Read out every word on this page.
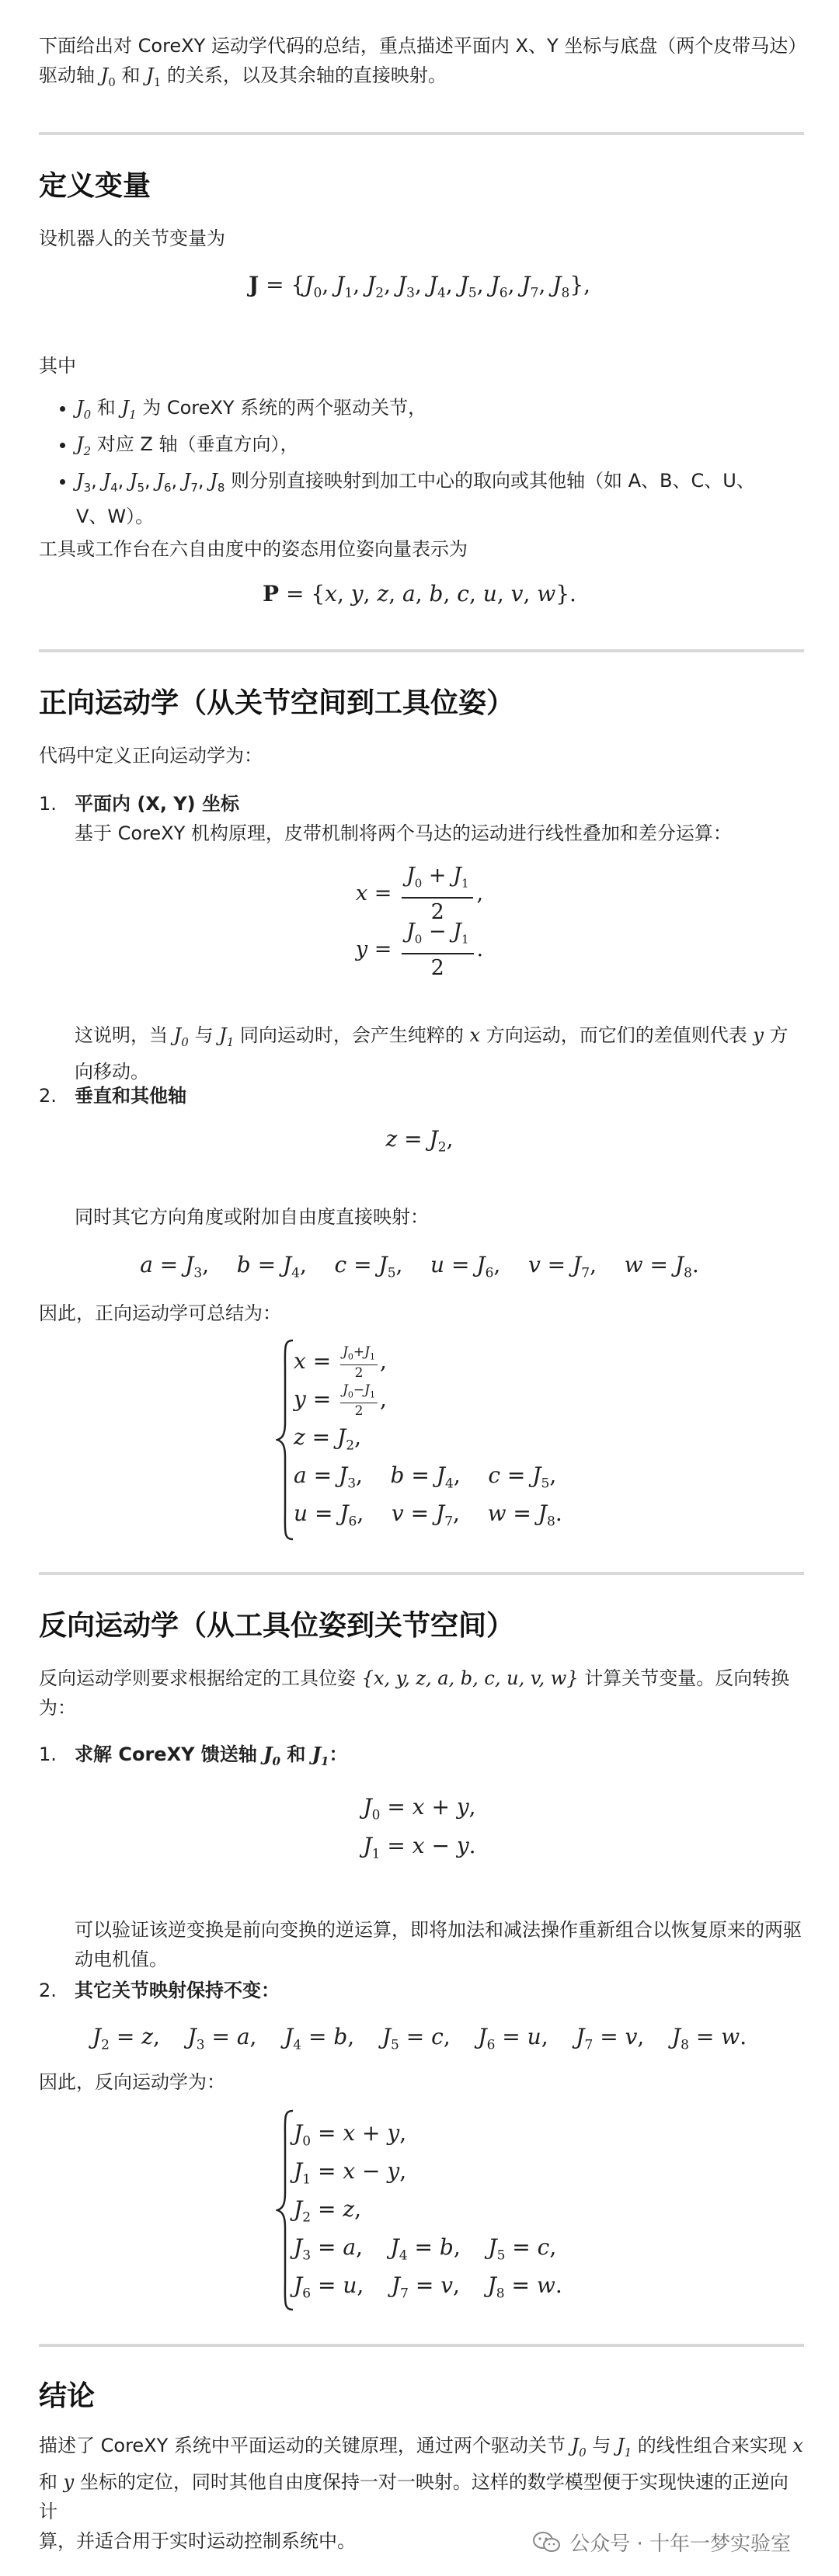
下面给出对 CoreXY 运动学代码的总结，重点描述平面内 X、Y 坐标与底盘（两个皮带马达）

驱动轴 $J_0$ 和 $J_1$ 的关系，以及其余轴的直接映射。

定义变量

设机器人的关节变量为

$J = \{J_0$, $J_1$, $J_2$, $J_3$, $J_4$, $J_5$, $J_6$, $J_7$, $J_8$},

其中

• $J_0$ 和 $J_1$ 为 CoreXY 系统的两个驱动关节，
• $J_2$ 对应 Z 轴（垂直方向），
• $J_3$, $J_4$, $J_5$, $J_6$, $J_7$, $J_8$ 则分别直接映射到加工中心的取向或其他轴（如 A、B、C、U、
V、W）。

工具或工作台在六自由度中的姿态用位姿向量表示为

P = {x, y, z, a, b, c, u, v, w}.
正向运动学（从关节空间到工具位姿）

代码中定义正向运动学为：

1. 平面内 (X, Y) 坐标

基于 CoreXY 机构原理，皮带机制将两个马达的运动进行线性叠加和差分运算：

$x = \frac{J_0 + J_1}{2}$ ,
$y = \frac{J_0 - J_1}{2}$ .

这说明，当 $J_0$ 与 $J_1$ 同向运动时，会产生纯粹的 x 方向运动，而它们的差值则代表 y 方

向移动。

2. 垂直和其他轴

$z = J_2$,

同时其它方向角度或附加自由度直接映射：

$a = J_3$,    $b = J_4$,    $c = J_5$,    $u = J_6$,    $v = J_7$,    $w = J_8$.

因此，正向运动学可总结为：

$x = \frac{J_0+J_1}{2}$ ,
$y = \frac{J_0-J_1}{2}$ ,
$z = J_2$,
$a = J_3$,    $b = J_4$,    $c = J_5$,
$u = J_6$,    $v = J_7$,    $w = J_8$.
反向运动学（从工具位姿到关节空间）

反向运动学则要求根据给定的工具位姿 {x, y, z, a, b, c, u, v, w} 计算关节变量。反向转换

为：

1. 求解 CoreXY 馈送轴 $J_0$ 和 $J_1$：

$J_0 = x + y$,
$J_1 = x - y$.

可以验证该逆变换是前向变换的逆运算，即将加法和减法操作重新组合以恢复原来的两驱

动电机值。

2. 其它关节映射保持不变：

$J_2 = z$,    $J_3 = a$,    $J_4 = b$,    $J_5 = c$,    $J_6 = u$,    $J_7 = v$,    $J_8 = w$.

因此，反向运动学为：

$J_0 = x + y$,
$J_1 = x - y$,
$J_2 = z$,
$J_3 = a$,    $J_4 = b$,    $J_5 = c$,
$J_6 = u$,    $J_7 = v$,    $J_8 = w$.
结论

描述了 CoreXY 系统中平面运动的关键原理，通过两个驱动关节 $J_0$ 与 $J_1$ 的线性组合来实现 x

和 y 坐标的定位，同时其他自由度保持一对一映射。这样的数学模型便于实现快速的正逆向计

算，并适合用于实时运动控制系统中。	公众号 · 十年一梦实验室
